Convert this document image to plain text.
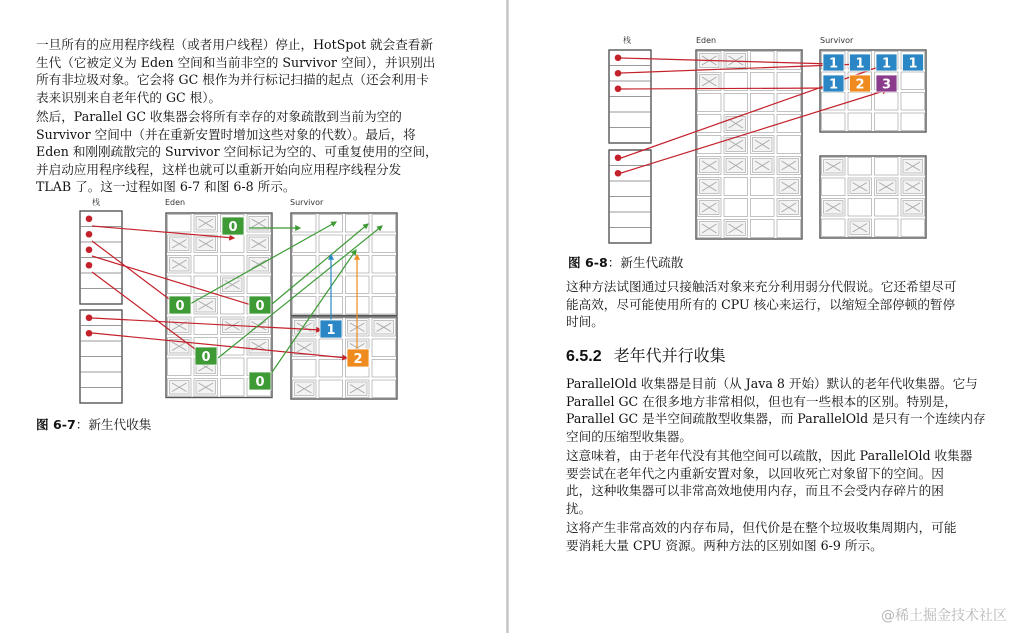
一旦所有的应用程序线程（或者用户线程）停止，HotSpot 就会查看新
生代（它被定义为 Eden 空间和当前非空的 Survivor 空间），并识别出
所有非垃圾对象。它会将 GC 根作为并行标记扫描的起点（还会利用卡
表来识别来自老年代的 GC 根）。
然后，Parallel GC 收集器会将所有幸存的对象疏散到当前为空的
Survivor 空间中（并在重新安置时增加这些对象的代数）。最后，将
Eden 和刚刚疏散完的 Survivor 空间标记为空的、可重复使用的空间，
并启动应用程序线程，这样也就可以重新开始向应用程序线程分发
TLAB 了。这一过程如图 6-7 和图 6-8 所示。
栈	Eden	Survivor
0
0	0
0
0
1
2

图 6-7：新生代收集

栈	Eden	Survivor
1 1 1 1
1 2 3

图 6-8：新生代疏散

这种方法试图通过只接触活对象来充分利用弱分代假说。它还希望尽可
能高效，尽可能使用所有的 CPU 核心来运行，以缩短全部停顿的暂停
时间。

6.5.2 老年代并行收集

ParallelOld 收集器是目前（从 Java 8 开始）默认的老年代收集器。它与
Parallel GC 在很多地方非常相似，但也有一些根本的区别。特别是，
Parallel GC 是半空间疏散型收集器，而 ParallelOld 是只有一个连续内存
空间的压缩型收集器。
这意味着，由于老年代没有其他空间可以疏散，因此 ParallelOld 收集器
要尝试在老年代之内重新安置对象，以回收死亡对象留下的空间。因
此，这种收集器可以非常高效地使用内存，而且不会受内存碎片的困
扰。
这将产生非常高效的内存布局，但代价是在整个垃圾收集周期内，可能
要消耗大量 CPU 资源。两种方法的区别如图 6-9 所示。
@稀土掘金技术社区
